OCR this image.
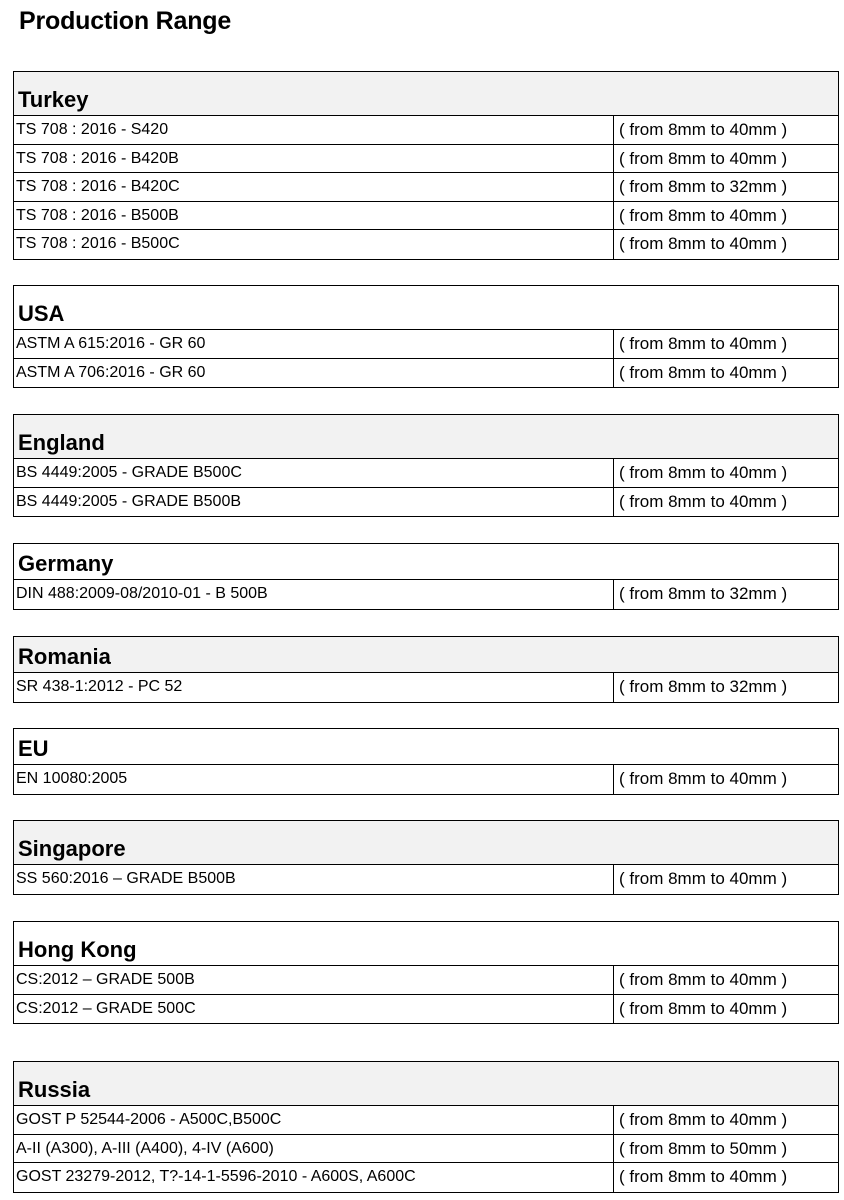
Production Range
Turkey
TS 708 : 2016 - S420	( from 8mm to 40mm )
TS 708 : 2016 - B420B	( from 8mm to 40mm )
TS 708 : 2016 - B420C	( from 8mm to 32mm )
TS 708 : 2016 - B500B	( from 8mm to 40mm )
TS 708 : 2016 - B500C	( from 8mm to 40mm )
USA
ASTM A 615:2016 - GR 60	( from 8mm to 40mm )
ASTM A 706:2016 - GR 60	( from 8mm to 40mm )
England
BS 4449:2005 - GRADE B500C	( from 8mm to 40mm )
BS 4449:2005 - GRADE B500B	( from 8mm to 40mm )
Germany
DIN 488:2009-08/2010-01 - B 500B	( from 8mm to 32mm )
Romania
SR 438-1:2012 - PC 52	( from 8mm to 32mm )
EU
EN 10080:2005	( from 8mm to 40mm )
Singapore
SS 560:2016 – GRADE B500B	( from 8mm to 40mm )
Hong Kong
CS:2012 – GRADE 500B	( from 8mm to 40mm )
CS:2012 – GRADE 500C	( from 8mm to 40mm )
Russia
GOST P 52544-2006 - A500C,B500C	( from 8mm to 40mm )
A-II (A300), A-III (A400), 4-IV (A600)	( from 8mm to 50mm )
GOST 23279-2012, T?-14-1-5596-2010 - A600S, A600C	( from 8mm to 40mm )
